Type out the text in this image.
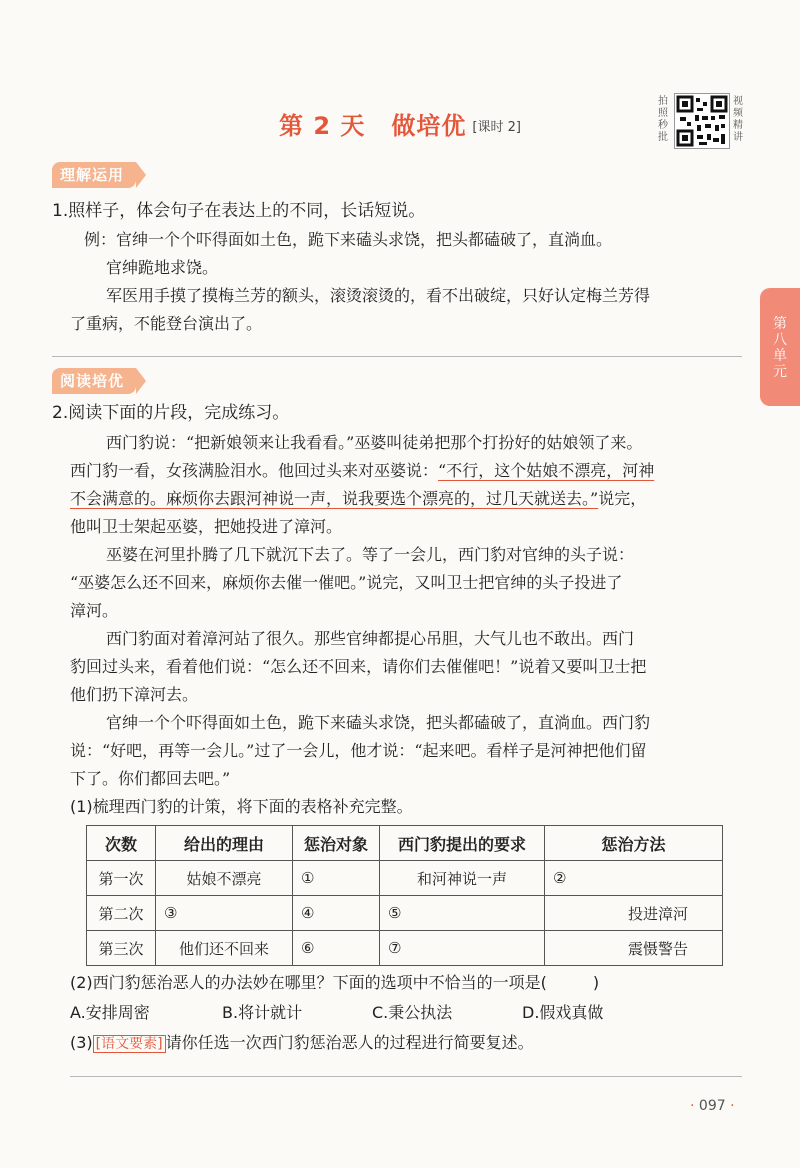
第 2 天 做培优 [课时 2]
拍照秒批
视频精讲
第八单元
理解运用
1.照样子，体会句子在表达上的不同，长话短说。
例：官绅一个个吓得面如土色，跪下来磕头求饶，把头都磕破了，直淌血。
官绅跪地求饶。
军医用手摸了摸梅兰芳的额头，滚烫滚烫的，看不出破绽，只好认定梅兰芳得
了重病，不能登台演出了。
阅读培优
2.阅读下面的片段，完成练习。
西门豹说：“把新娘领来让我看看。”巫婆叫徒弟把那个打扮好的姑娘领了来。
西门豹一看，女孩满脸泪水。他回过头来对巫婆说：“不行，这个姑娘不漂亮，河神
不会满意的。麻烦你去跟河神说一声，说我要选个漂亮的，过几天就送去。”说完，
他叫卫士架起巫婆，把她投进了漳河。
巫婆在河里扑腾了几下就沉下去了。等了一会儿，西门豹对官绅的头子说：
“巫婆怎么还不回来，麻烦你去催一催吧。”说完，又叫卫士把官绅的头子投进了
漳河。
西门豹面对着漳河站了很久。那些官绅都提心吊胆，大气儿也不敢出。西门
豹回过头来，看着他们说：“怎么还不回来，请你们去催催吧！”说着又要叫卫士把
他们扔下漳河去。
官绅一个个吓得面如土色，跪下来磕头求饶，把头都磕破了，直淌血。西门豹
说：“好吧，再等一会儿。”过了一会儿，他才说：“起来吧。看样子是河神把他们留
下了。你们都回去吧。”
(1)梳理西门豹的计策，将下面的表格补充完整。
次数	给出的理由	惩治对象	西门豹提出的要求	惩治方法
第一次	姑娘不漂亮	①	和河神说一声	②
第二次	③	④	⑤	投进漳河
第三次	他们还不回来	⑥	⑦	震慑警告
(2)西门豹惩治恶人的办法妙在哪里？下面的选项中不恰当的一项是(	)
A.安排周密	B.将计就计	C.秉公执法	D.假戏真做
(3) [语文要素] 请你任选一次西门豹惩治恶人的过程进行简要复述。
· 097 ·
